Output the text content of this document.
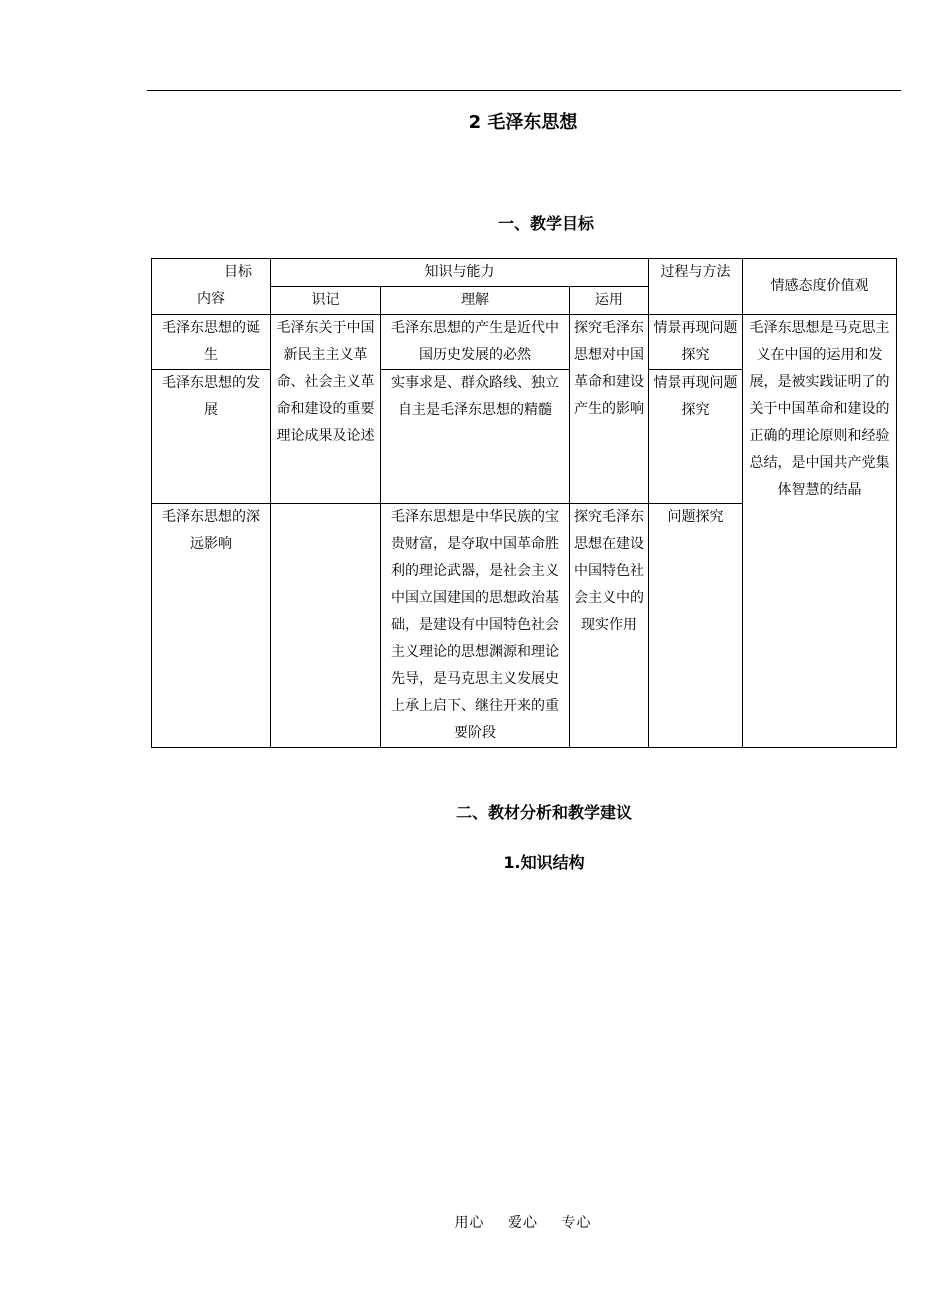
2 毛泽东思想
一、教学目标
目标
内容	知识与能力			过程与方法	情感态度价值观
	识记	理解	运用		
毛泽东思想的诞生	毛泽东关于中国新民主主义革命、社会主义革命和建设的重要理论成果及论述	毛泽东思想的产生是近代中国历史发展的必然	探究毛泽东思想对中国革命和建设产生的影响	情景再现问题探究	毛泽东思想是马克思主义在中国的运用和发展，是被实践证明了的关于中国革命和建设的正确的理论原则和经验总结，是中国共产党集体智慧的结晶
毛泽东思想的发展		实事求是、群众路线、独立自主是毛泽东思想的精髓		情景再现问题探究	
毛泽东思想的深远影响		毛泽东思想是中华民族的宝贵财富，是夺取中国革命胜利的理论武器，是社会主义中国立国建国的思想政治基础，是建设有中国特色社会主义理论的思想渊源和理论先导，是马克思主义发展史上承上启下、继往开来的重要阶段	探究毛泽东思想在建设中国特色社会主义中的现实作用	问题探究	
二、教材分析和教学建议
1.知识结构
用心 爱心 专心
